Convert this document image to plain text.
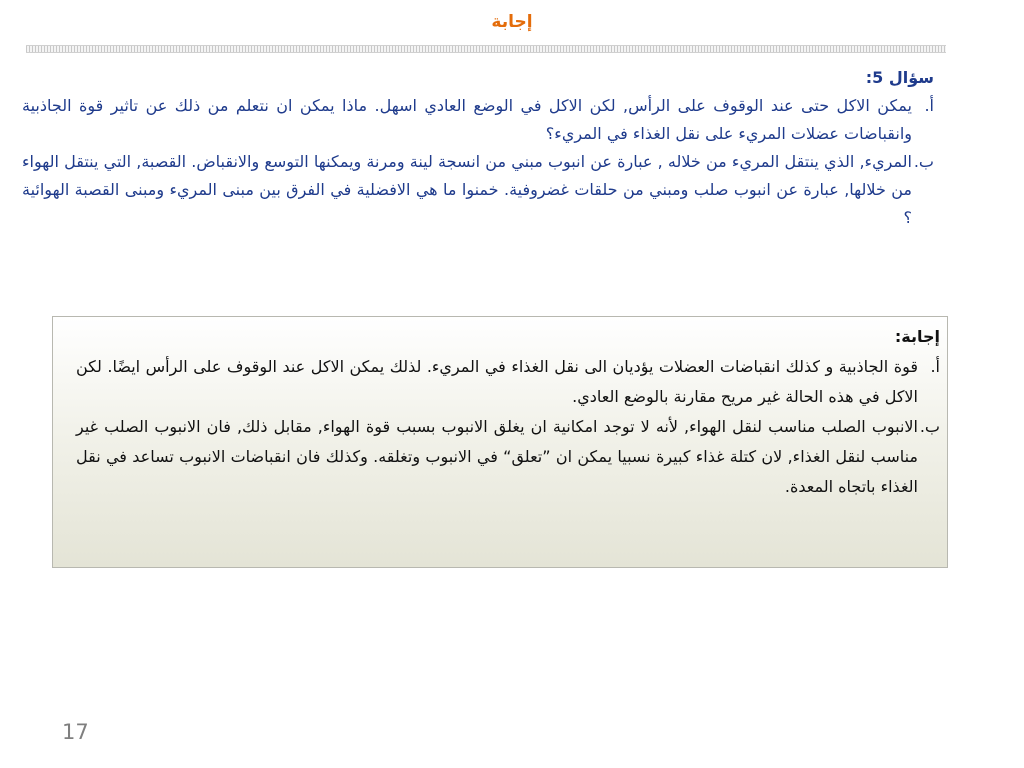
إجابة
سؤال 5:
أ.
يمكن الاكل حتى عند الوقوف على الرأس, لكن الاكل في الوضع العادي اسهل. ماذا يمكن ان نتعلم من ذلك عن تاثير قوة الجاذبية وانقباضات عضلات المريء على نقل الغذاء في المريء؟
ب.
المريء, الذي ينتقل المريء من خلاله , عبارة عن انبوب مبني من انسجة لينة ومرنة ويمكنها التوسع والانقباض. القصبة, التي ينتقل الهواء من خلالها, عبارة عن انبوب صلب ومبني من حلقات غضروفية. خمنوا ما هي الافضلية في الفرق بين مبنى المريء ومبنى القصبة الهوائية ؟
إجابة:
أ.
قوة الجاذبية و كذلك انقباضات العضلات يؤديان الى نقل الغذاء في المريء. لذلك يمكن الاكل عند الوقوف على الرأس ايضًا. لكن الاكل في هذه الحالة غير مريح مقارنة بالوضع العادي.
ب.
الانبوب الصلب مناسب لنقل الهواء, لأنه لا توجد امكانية ان يغلق الانبوب بسبب قوة الهواء, مقابل ذلك, فان الانبوب الصلب غير مناسب لنقل الغذاء, لان كتلة غذاء كبيرة نسبيا يمكن ان ”تعلق“ في الانبوب وتغلقه. وكذلك فان انقباضات الانبوب تساعد في نقل الغذاء باتجاه المعدة.
17
